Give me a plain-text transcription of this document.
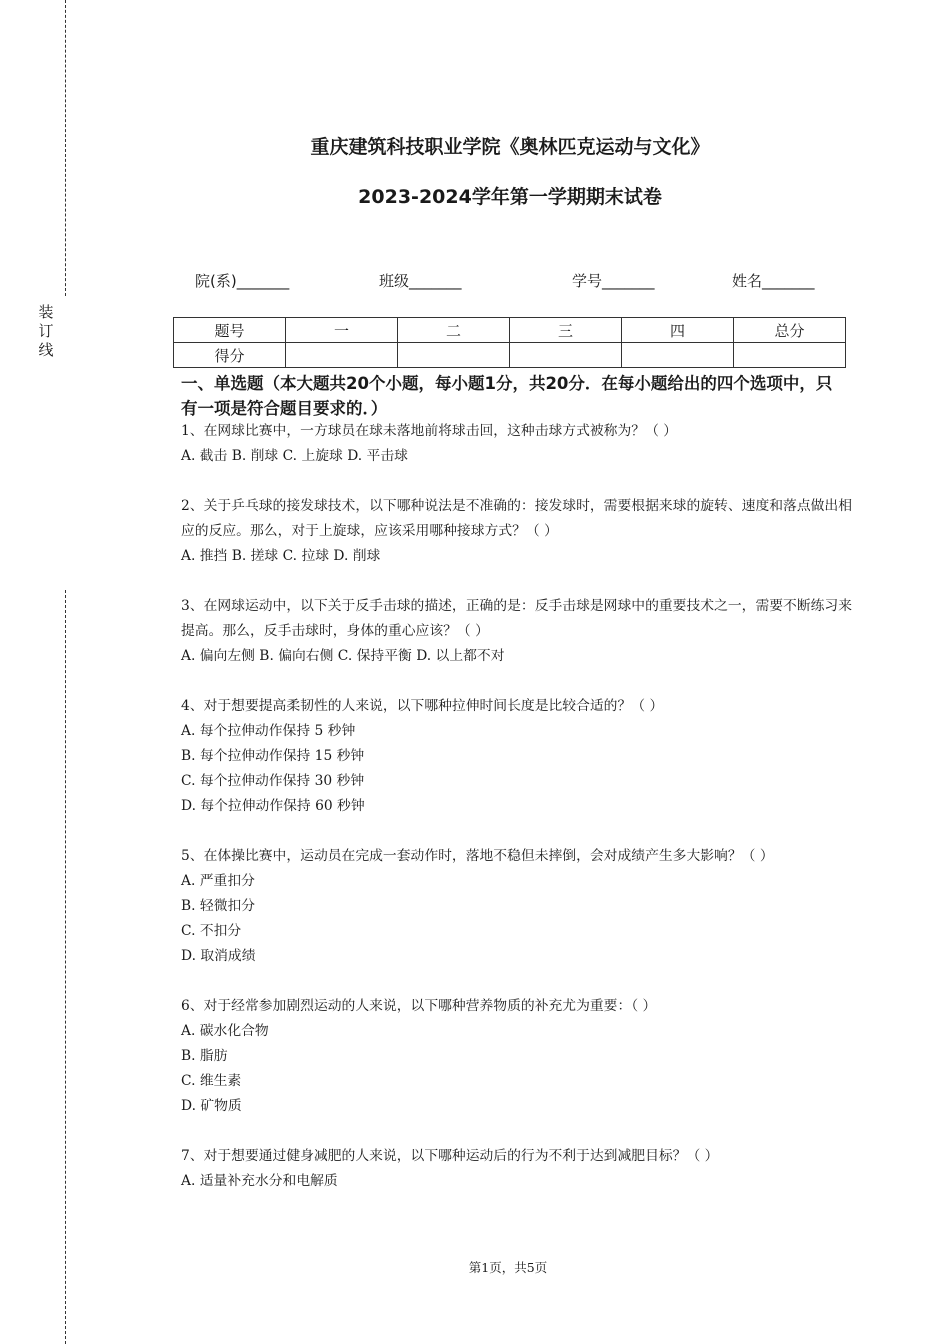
装
订
线
重庆建筑科技职业学院《奥林匹克运动与文化》
2023-2024学年第一学期期末试卷
院(系)_______	班级_______	学号_______	姓名_______
题号	一	二	三	四	总分
得分					
一、单选题（本大题共20个小题，每小题1分，共20分．在每小题给出的四个选项中，只有一项是符合题目要求的．）
1、在网球比赛中，一方球员在球未落地前将球击回，这种击球方式被称为？（ ）
A. 截击 B. 削球 C. 上旋球 D. 平击球
2、关于乒乓球的接发球技术，以下哪种说法是不准确的：接发球时，需要根据来球的旋转、速度和落点做出相应的反应。那么，对于上旋球，应该采用哪种接球方式？（ ）
A. 推挡 B. 搓球 C. 拉球 D. 削球
3、在网球运动中，以下关于反手击球的描述，正确的是：反手击球是网球中的重要技术之一，需要不断练习来提高。那么，反手击球时，身体的重心应该？（ ）
A. 偏向左侧 B. 偏向右侧 C. 保持平衡 D. 以上都不对
4、对于想要提高柔韧性的人来说，以下哪种拉伸时间长度是比较合适的？（ ）
A. 每个拉伸动作保持 5 秒钟
B. 每个拉伸动作保持 15 秒钟
C. 每个拉伸动作保持 30 秒钟
D. 每个拉伸动作保持 60 秒钟
5、在体操比赛中，运动员在完成一套动作时，落地不稳但未摔倒，会对成绩产生多大影响？（ ）
A. 严重扣分
B. 轻微扣分
C. 不扣分
D. 取消成绩
6、对于经常参加剧烈运动的人来说，以下哪种营养物质的补充尤为重要：（ ）
A. 碳水化合物
B. 脂肪
C. 维生素
D. 矿物质
7、对于想要通过健身减肥的人来说，以下哪种运动后的行为不利于达到减肥目标？（ ）
A. 适量补充水分和电解质
第1页，共5页
